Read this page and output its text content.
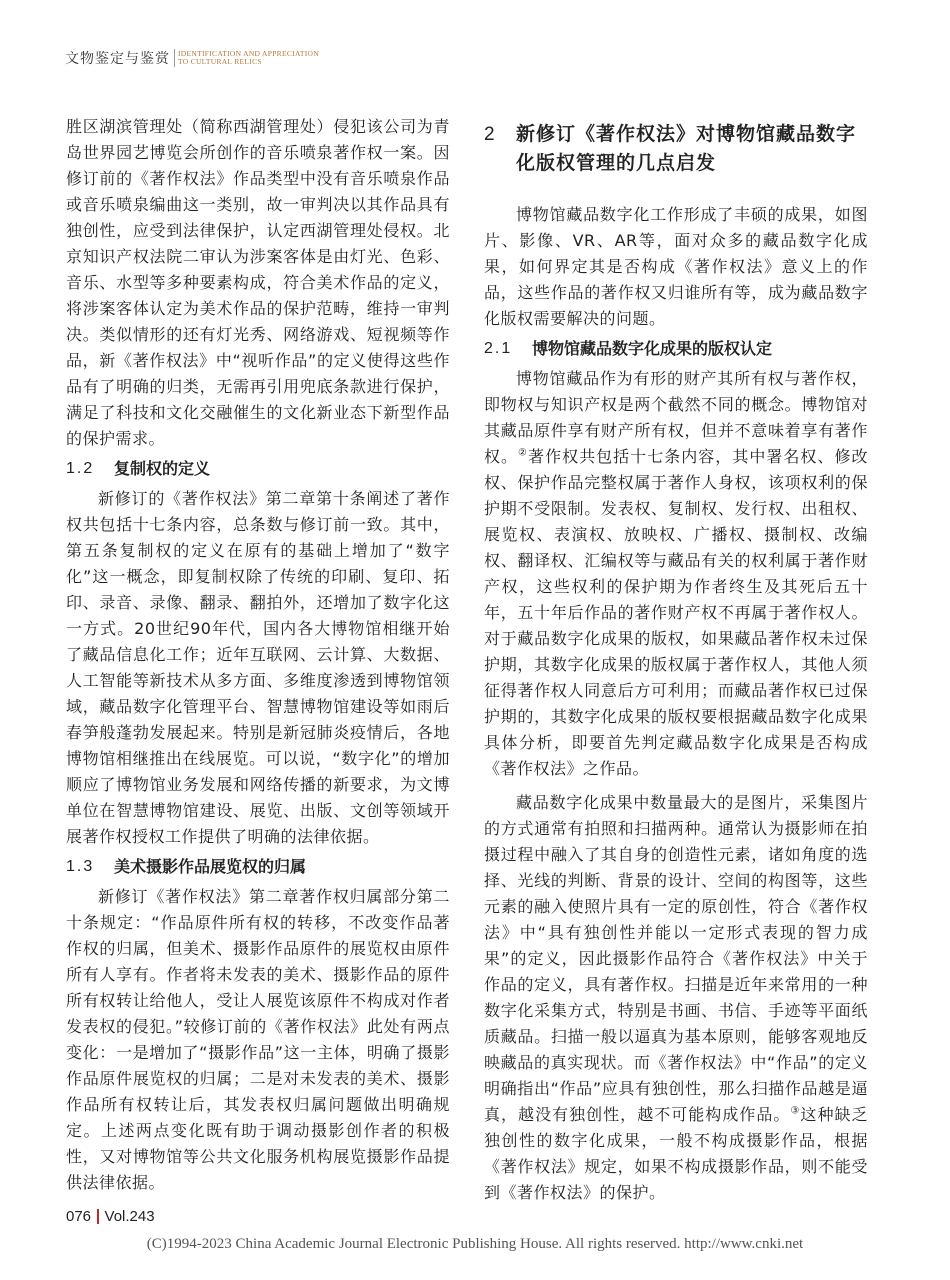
文物鉴定与鉴赏 IDENTIFICATION AND APPRECIATION
TO CULTURAL RELICS

胜区湖滨管理处（简称西湖管理处）侵犯该公司为青岛世界园艺博览会所创作的音乐喷泉著作权一案。因修订前的《著作权法》作品类型中没有音乐喷泉作品或音乐喷泉编曲这一类别，故一审判决以其作品具有独创性，应受到法律保护，认定西湖管理处侵权。北京知识产权法院二审认为涉案客体是由灯光、色彩、音乐、水型等多种要素构成，符合美术作品的定义，将涉案客体认定为美术作品的保护范畴，维持一审判决。类似情形的还有灯光秀、网络游戏、短视频等作品，新《著作权法》中“视听作品”的定义使得这些作品有了明确的归类，无需再引用兜底条款进行保护，满足了科技和文化交融催生的文化新业态下新型作品的保护需求。

1.2	复制权的定义

新修订的《著作权法》第二章第十条阐述了著作权共包括十七条内容，总条数与修订前一致。其中，第五条复制权的定义在原有的基础上增加了“数字化”这一概念，即复制权除了传统的印刷、复印、拓印、录音、录像、翻录、翻拍外，还增加了数字化这一方式。20世纪90年代，国内各大博物馆相继开始了藏品信息化工作；近年互联网、云计算、大数据、人工智能等新技术从多方面、多维度渗透到博物馆领域，藏品数字化管理平台、智慧博物馆建设等如雨后春笋般蓬勃发展起来。特别是新冠肺炎疫情后，各地博物馆相继推出在线展览。可以说，“数字化”的增加顺应了博物馆业务发展和网络传播的新要求，为文博单位在智慧博物馆建设、展览、出版、文创等领域开展著作权授权工作提供了明确的法律依据。

1.3	美术摄影作品展览权的归属

新修订《著作权法》第二章著作权归属部分第二十条规定：“作品原件所有权的转移，不改变作品著作权的归属，但美术、摄影作品原件的展览权由原件所有人享有。作者将未发表的美术、摄影作品的原件所有权转让给他人，受让人展览该原件不构成对作者发表权的侵犯。”较修订前的《著作权法》此处有两点变化：一是增加了“摄影作品”这一主体，明确了摄影作品原件展览权的归属；二是对未发表的美术、摄影作品所有权转让后，其发表权归属问题做出明确规定。上述两点变化既有助于调动摄影创作者的积极性，又对博物馆等公共文化服务机构展览摄影作品提供法律依据。

2	新修订《著作权法》对博物馆藏品数字化版权管理的几点启发

博物馆藏品数字化工作形成了丰硕的成果，如图片、影像、VR、AR等，面对众多的藏品数字化成果，如何界定其是否构成《著作权法》意义上的作品，这些作品的著作权又归谁所有等，成为藏品数字化版权需要解决的问题。

2.1	博物馆藏品数字化成果的版权认定

博物馆藏品作为有形的财产其所有权与著作权，即物权与知识产权是两个截然不同的概念。博物馆对其藏品原件享有财产所有权，但并不意味着享有著作权。②著作权共包括十七条内容，其中署名权、修改权、保护作品完整权属于著作人身权，该项权利的保护期不受限制。发表权、复制权、发行权、出租权、展览权、表演权、放映权、广播权、摄制权、改编权、翻译权、汇编权等与藏品有关的权利属于著作财产权，这些权利的保护期为作者终生及其死后五十年，五十年后作品的著作财产权不再属于著作权人。对于藏品数字化成果的版权，如果藏品著作权未过保护期，其数字化成果的版权属于著作权人，其他人须征得著作权人同意后方可利用；而藏品著作权已过保护期的，其数字化成果的版权要根据藏品数字化成果具体分析，即要首先判定藏品数字化成果是否构成《著作权法》之作品。

藏品数字化成果中数量最大的是图片，采集图片的方式通常有拍照和扫描两种。通常认为摄影师在拍摄过程中融入了其自身的创造性元素，诸如角度的选择、光线的判断、背景的设计、空间的构图等，这些元素的融入使照片具有一定的原创性，符合《著作权法》中“具有独创性并能以一定形式表现的智力成果”的定义，因此摄影作品符合《著作权法》中关于作品的定义，具有著作权。扫描是近年来常用的一种数字化采集方式，特别是书画、书信、手迹等平面纸质藏品。扫描一般以逼真为基本原则，能够客观地反映藏品的真实现状。而《著作权法》中“作品”的定义明确指出“作品”应具有独创性，那么扫描作品越是逼真，越没有独创性，越不可能构成作品。③这种缺乏独创性的数字化成果，一般不构成摄影作品，根据《著作权法》规定，如果不构成摄影作品，则不能受到《著作权法》的保护。

076 Vol.243
(C)1994-2023 China Academic Journal Electronic Publishing House. All rights reserved. http://www.cnki.net
